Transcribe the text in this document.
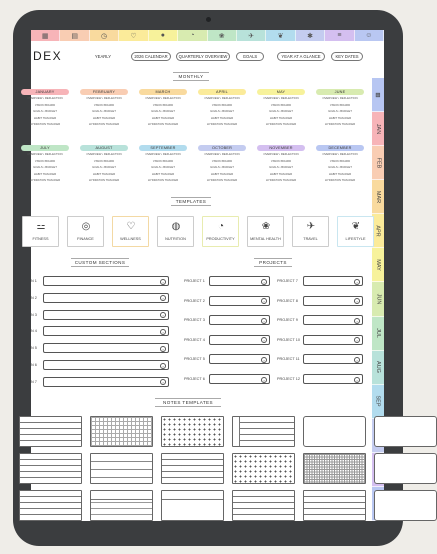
▦	▤	◷	♡	●	◔	❀	✈	❦	✱	≡	☺
▦
JAN
FEB
MAR
APR
MAY
JUN
JUL
AUG
SEP
DEX	YEARLY	2026 CALENDAR	QUARTERLY OVERVIEW	GOALS	YEAR AT A GLANCE	KEY DATES
MONTHLY
JANUARY
OVERVIEW • REFLECTION
VISION BOARD
GOALS • BUDGET
HABIT TRACKER
HYDRATION TRACKER
FEBRUARY
OVERVIEW • REFLECTION
VISION BOARD
GOALS • BUDGET
HABIT TRACKER
HYDRATION TRACKER
MARCH
OVERVIEW • REFLECTION
VISION BOARD
GOALS • BUDGET
HABIT TRACKER
HYDRATION TRACKER
APRIL
OVERVIEW • REFLECTION
VISION BOARD
GOALS • BUDGET
HABIT TRACKER
HYDRATION TRACKER
MAY
OVERVIEW • REFLECTION
VISION BOARD
GOALS • BUDGET
HABIT TRACKER
HYDRATION TRACKER
JUNE
OVERVIEW • REFLECTION
VISION BOARD
GOALS • BUDGET
HABIT TRACKER
HYDRATION TRACKER
JULY
OVERVIEW • REFLECTION
VISION BOARD
GOALS • BUDGET
HABIT TRACKER
HYDRATION TRACKER
AUGUST
OVERVIEW • REFLECTION
VISION BOARD
GOALS • BUDGET
HABIT TRACKER
HYDRATION TRACKER
SEPTEMBER
OVERVIEW • REFLECTION
VISION BOARD
GOALS • BUDGET
HABIT TRACKER
HYDRATION TRACKER
OCTOBER
OVERVIEW • REFLECTION
VISION BOARD
GOALS • BUDGET
HABIT TRACKER
HYDRATION TRACKER
NOVEMBER
OVERVIEW • REFLECTION
VISION BOARD
GOALS • BUDGET
HABIT TRACKER
HYDRATION TRACKER
DECEMBER
OVERVIEW • REFLECTION
VISION BOARD
GOALS • BUDGET
HABIT TRACKER
HYDRATION TRACKER
TEMPLATES
⚍
FITNESS
◎
FINANCE
♡
WELLNESS
◍
NUTRITION
◔
PRODUCTIVITY
❀
MENTAL HEALTH
✈
TRAVEL
❦
LIFESTYLE
CUSTOM SECTIONS	PROJECTS
N 1	›
N 2	›
N 3	›
N 4	›
N 5	›
N 6	›
N 7	›
PROJECT 1	›
PROJECT 2	›
PROJECT 3	›
PROJECT 4	›
PROJECT 5	›
PROJECT 6	›
PROJECT 7	›
PROJECT 8	›
PROJECT 9	›
PROJECT 10	›
PROJECT 11	›
PROJECT 12	›
NOTES TEMPLATES
